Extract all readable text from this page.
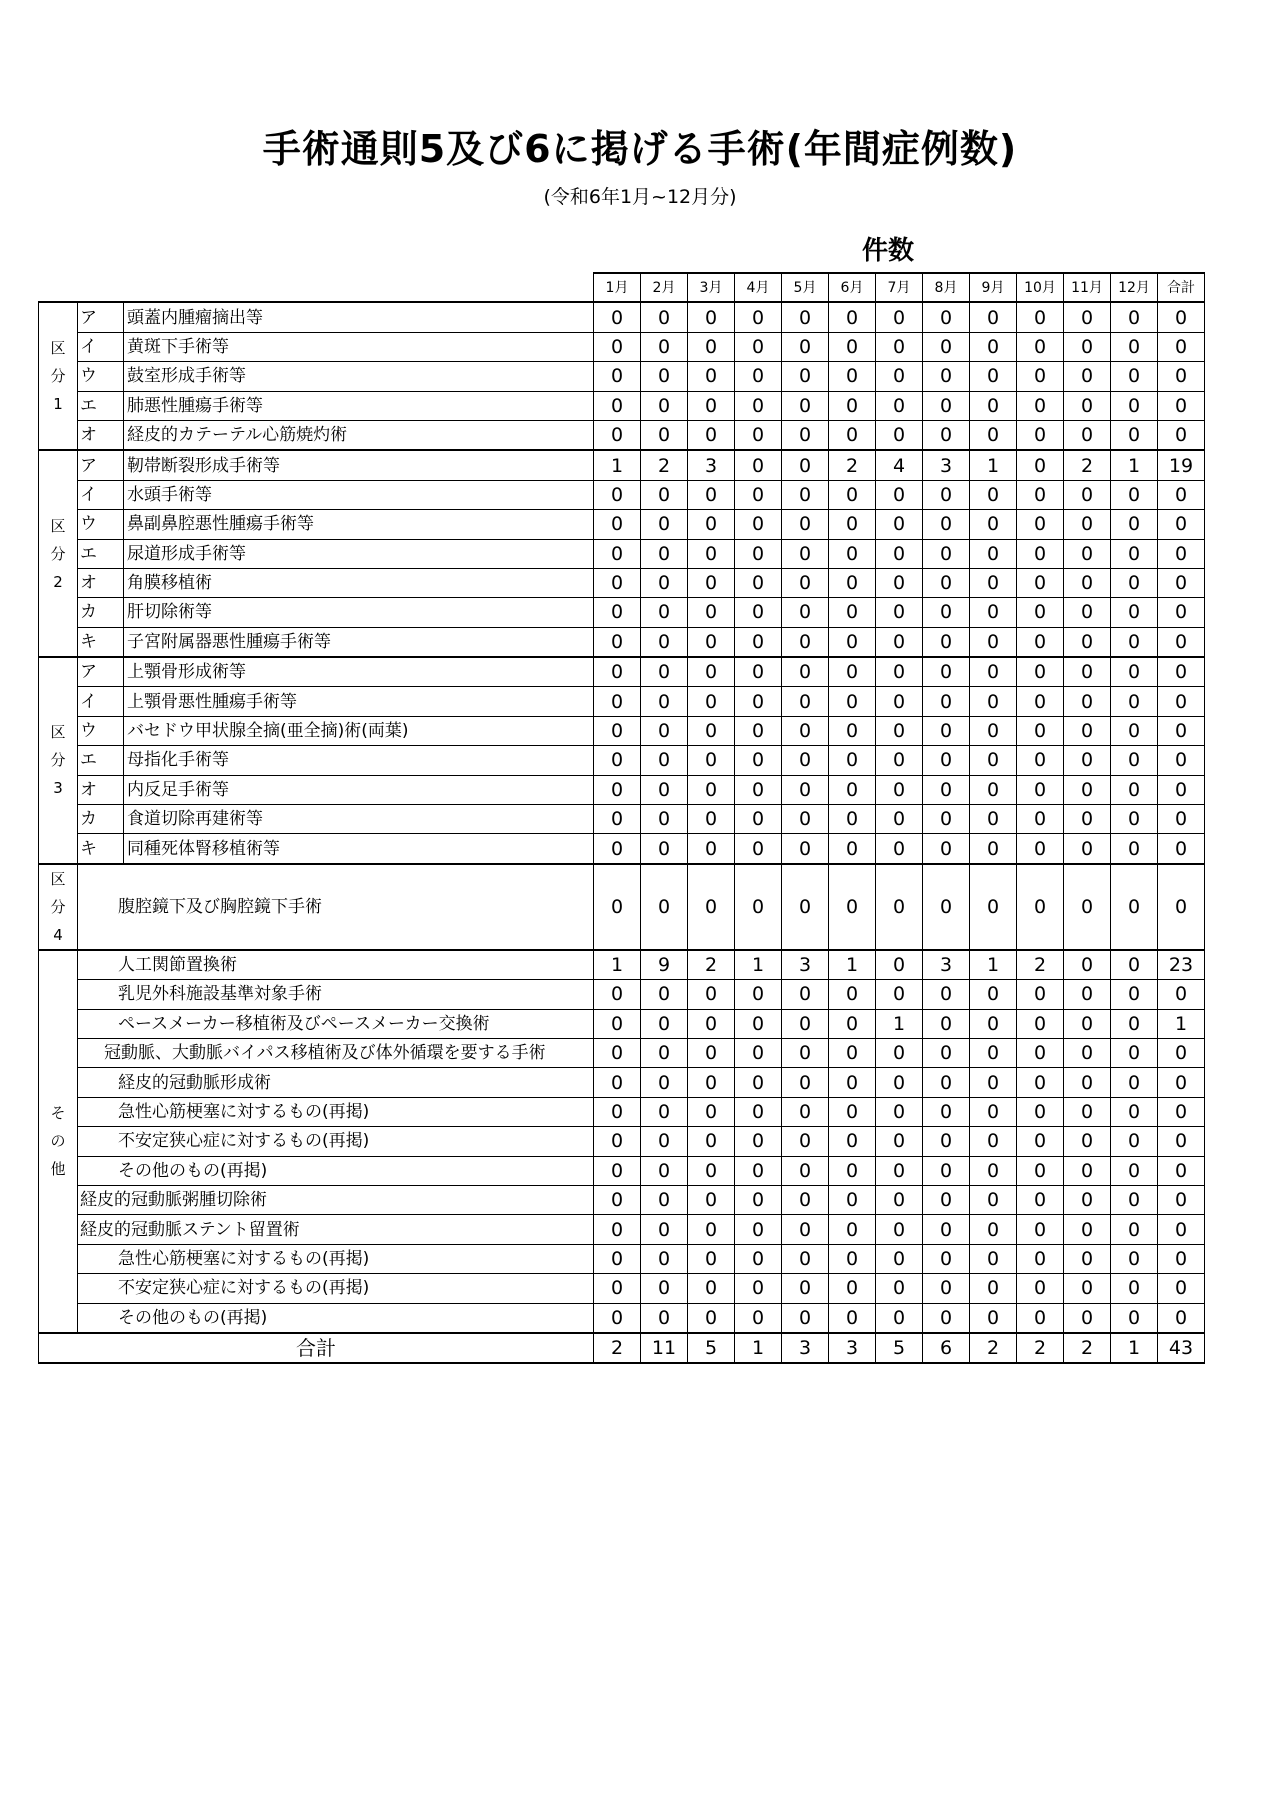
手術通則5及び6に掲げる手術(年間症例数)
(令和6年1月~12月分)
件数
			1月	2月	3月	4月	5月	6月	7月	8月	9月	10月	11月	12月	合計

区
分
1	ア	頭蓋内腫瘤摘出等	0	0	0	0	0	0	0	0	0	0	0	0	0
	イ	黄斑下手術等	0	0	0	0	0	0	0	0	0	0	0	0	0
	ウ	鼓室形成手術等	0	0	0	0	0	0	0	0	0	0	0	0	0
	エ	肺悪性腫瘍手術等	0	0	0	0	0	0	0	0	0	0	0	0	0
	オ	経皮的カテーテル心筋焼灼術	0	0	0	0	0	0	0	0	0	0	0	0	0

区
分
2	ア	靭帯断裂形成手術等	1	2	3	0	0	2	4	3	1	0	2	1	19
	イ	水頭手術等	0	0	0	0	0	0	0	0	0	0	0	0	0
	ウ	鼻副鼻腔悪性腫瘍手術等	0	0	0	0	0	0	0	0	0	0	0	0	0
	エ	尿道形成手術等	0	0	0	0	0	0	0	0	0	0	0	0	0
	オ	角膜移植術	0	0	0	0	0	0	0	0	0	0	0	0	0
	カ	肝切除術等	0	0	0	0	0	0	0	0	0	0	0	0	0
	キ	子宮附属器悪性腫瘍手術等	0	0	0	0	0	0	0	0	0	0	0	0	0

区
分
3	ア	上顎骨形成術等	0	0	0	0	0	0	0	0	0	0	0	0	0
	イ	上顎骨悪性腫瘍手術等	0	0	0	0	0	0	0	0	0	0	0	0	0
	ウ	バセドウ甲状腺全摘(亜全摘)術(両葉)	0	0	0	0	0	0	0	0	0	0	0	0	0
	エ	母指化手術等	0	0	0	0	0	0	0	0	0	0	0	0	0
	オ	内反足手術等	0	0	0	0	0	0	0	0	0	0	0	0	0
	カ	食道切除再建術等	0	0	0	0	0	0	0	0	0	0	0	0	0
	キ	同種死体腎移植術等	0	0	0	0	0	0	0	0	0	0	0	0	0

区
分
4	腹腔鏡下及び胸腔鏡下手術		0	0	0	0	0	0	0	0	0	0	0	0	0

そ
の
他	人工関節置換術		1	9	2	1	3	1	0	3	1	2	0	0	23
	乳児外科施設基準対象手術		0	0	0	0	0	0	0	0	0	0	0	0	0
	ペースメーカー移植術及びペースメーカー交換術		0	0	0	0	0	0	1	0	0	0	0	0	1
	冠動脈、大動脈バイパス移植術及び体外循環を要する手術		0	0	0	0	0	0	0	0	0	0	0	0	0
	経皮的冠動脈形成術		0	0	0	0	0	0	0	0	0	0	0	0	0
	急性心筋梗塞に対するもの(再掲)		0	0	0	0	0	0	0	0	0	0	0	0	0
	不安定狭心症に対するもの(再掲)		0	0	0	0	0	0	0	0	0	0	0	0	0
	その他のもの(再掲)		0	0	0	0	0	0	0	0	0	0	0	0	0
	経皮的冠動脈粥腫切除術		0	0	0	0	0	0	0	0	0	0	0	0	0
	経皮的冠動脈ステント留置術		0	0	0	0	0	0	0	0	0	0	0	0	0
	急性心筋梗塞に対するもの(再掲)		0	0	0	0	0	0	0	0	0	0	0	0	0
	不安定狭心症に対するもの(再掲)		0	0	0	0	0	0	0	0	0	0	0	0	0
	その他のもの(再掲)		0	0	0	0	0	0	0	0	0	0	0	0	0
合計			2	11	5	1	3	3	5	6	2	2	2	1	43
